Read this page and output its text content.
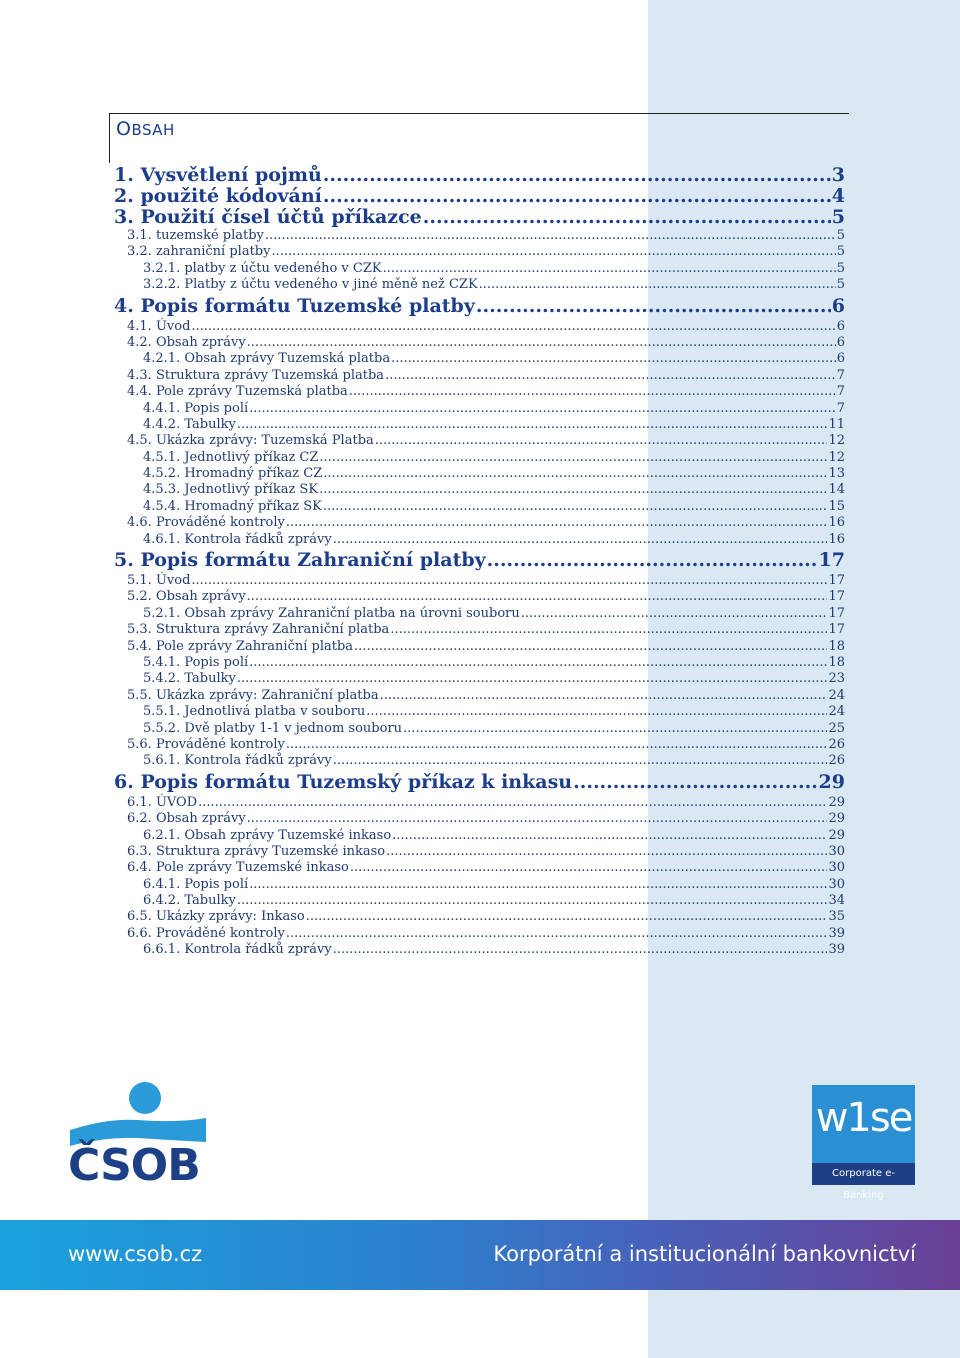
OBSAH
1. Vysvětlení pojmů .....	3
2. použité kódování .....	4
3. Použití čísel účtů příkazce .....	5
3.1. tuzemské platby .....	5
3.2. zahraniční platby .....	5
3.2.1. platby z účtu vedeného v CZK .....	5
3.2.2. Platby z účtu vedeného v jiné měně než CZK .....	5
4. Popis formátu Tuzemské platby .....	6
4.1. Úvod .....	6
4.2. Obsah zprávy .....	6
4.2.1. Obsah zprávy Tuzemská platba .....	6
4.3. Struktura zprávy Tuzemská platba .....	7
4.4. Pole zprávy Tuzemská platba .....	7
4.4.1. Popis polí .....	7
4.4.2. Tabulky .....	11
4.5. Ukázka zprávy: Tuzemská Platba .....	12
4.5.1. Jednotlivý příkaz CZ .....	12
4.5.2. Hromadný příkaz CZ .....	13
4.5.3. Jednotlivý příkaz SK .....	14
4.5.4. Hromadný příkaz SK .....	15
4.6. Prováděné kontroly .....	16
4.6.1. Kontrola řádků zprávy .....	16
5. Popis formátu Zahraniční platby .....	17
5.1. Úvod .....	17
5.2. Obsah zprávy .....	17
5.2.1. Obsah zprávy Zahraniční platba na úrovni souboru .....	17
5.3. Struktura zprávy Zahraniční platba .....	17
5.4. Pole zprávy Zahraniční platba .....	18
5.4.1. Popis polí .....	18
5.4.2. Tabulky .....	23
5.5. Ukázka zprávy: Zahraniční platba .....	24
5.5.1. Jednotlivá platba v souboru .....	24
5.5.2. Dvě platby 1-1 v jednom souboru .....	25
5.6. Prováděné kontroly .....	26
5.6.1. Kontrola řádků zprávy .....	26
6. Popis formátu Tuzemský příkaz k inkasu .....	29
6.1. ÚVOD .....	29
6.2. Obsah zprávy .....	29
6.2.1. Obsah zprávy Tuzemské inkaso .....	29
6.3. Struktura zprávy Tuzemské inkaso .....	30
6.4. Pole zprávy Tuzemské inkaso .....	30
6.4.1. Popis polí .....	30
6.4.2. Tabulky .....	34
6.5. Ukázky zprávy: Inkaso .....	35
6.6. Prováděné kontroly .....	39
6.6.1. Kontrola řádků zprávy .....	39
ČSOB
w1se
Corporate e-Banking
www.csob.cz	Korporátní a institucionální bankovnictví
